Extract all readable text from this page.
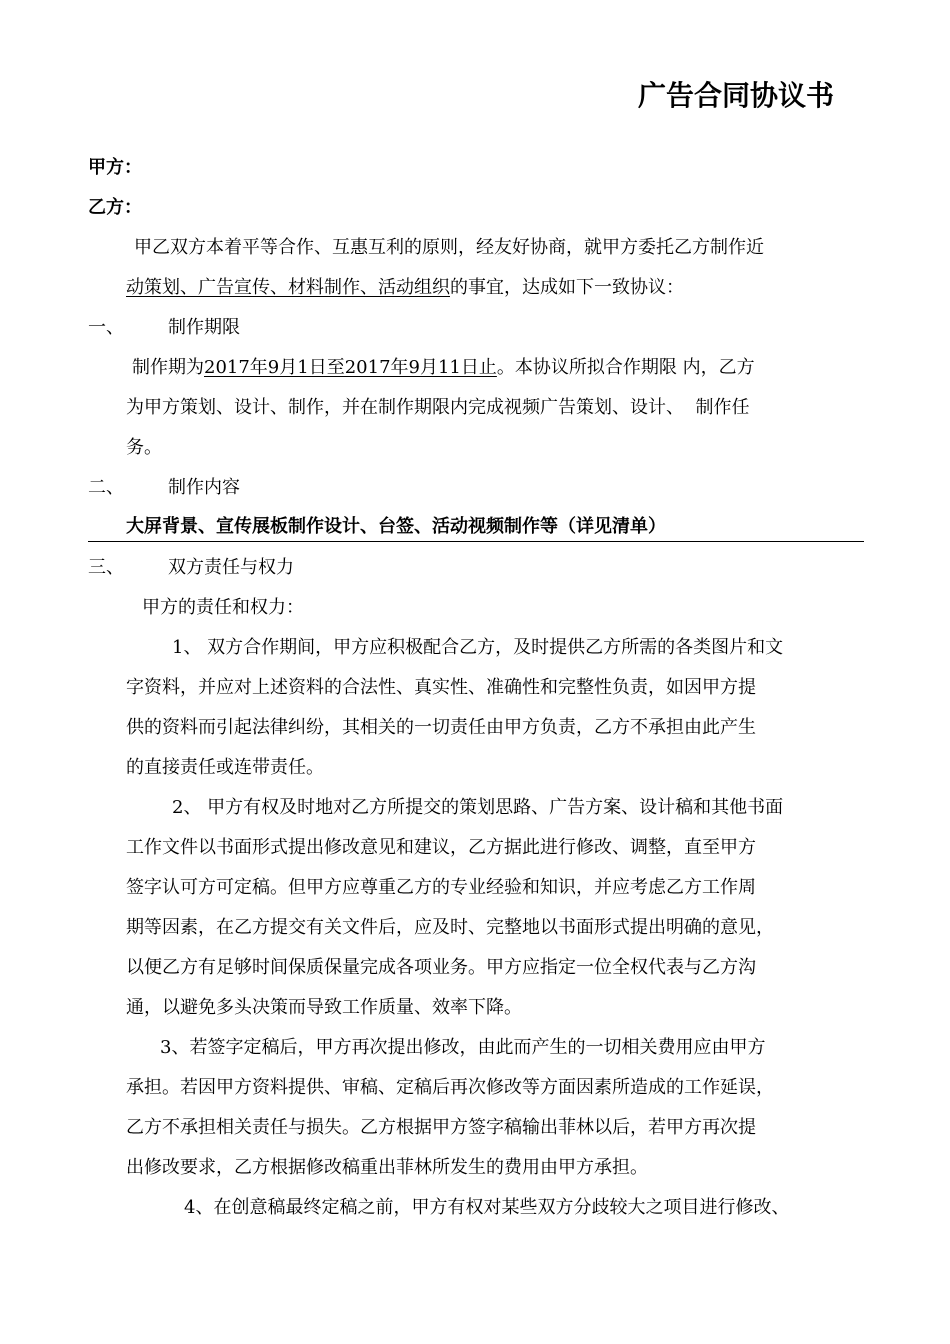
广告合同协议书
甲方：
乙方：
甲乙双方本着平等合作、互惠互利的原则，经友好协商，就甲方委托乙方制作近
动策划、广告宣传、材料制作、活动组织的事宜，达成如下一致协议：
一、 制作期限
制作期为2017年9月1日至2017年9月11日止。本协议所拟合作期限 内，乙方
为甲方策划、设计、制作，并在制作期限内完成视频广告策划、设计、  制作任
务。
二、 制作内容
大屏背景、宣传展板制作设计、台签、活动视频制作等（详见清单）
三、 双方责任与权力
甲方的责任和权力：
1、 双方合作期间，甲方应积极配合乙方，及时提供乙方所需的各类图片和文
字资料，并应对上述资料的合法性、真实性、准确性和完整性负责，如因甲方提
供的资料而引起法律纠纷，其相关的一切责任由甲方负责，乙方不承担由此产生
的直接责任或连带责任。
2、 甲方有权及时地对乙方所提交的策划思路、广告方案、设计稿和其他书面
工作文件以书面形式提出修改意见和建议，乙方据此进行修改、调整，直至甲方
签字认可方可定稿。但甲方应尊重乙方的专业经验和知识，并应考虑乙方工作周
期等因素，在乙方提交有关文件后，应及时、完整地以书面形式提出明确的意见，
以便乙方有足够时间保质保量完成各项业务。甲方应指定一位全权代表与乙方沟
通，以避免多头决策而导致工作质量、效率下降。
3、若签字定稿后，甲方再次提出修改，由此而产生的一切相关费用应由甲方
承担。若因甲方资料提供、审稿、定稿后再次修改等方面因素所造成的工作延误，
乙方不承担相关责任与损失。乙方根据甲方签字稿输出菲林以后，若甲方再次提
出修改要求，乙方根据修改稿重出菲林所发生的费用由甲方承担。
4、在创意稿最终定稿之前，甲方有权对某些双方分歧较大之项目进行修改、
